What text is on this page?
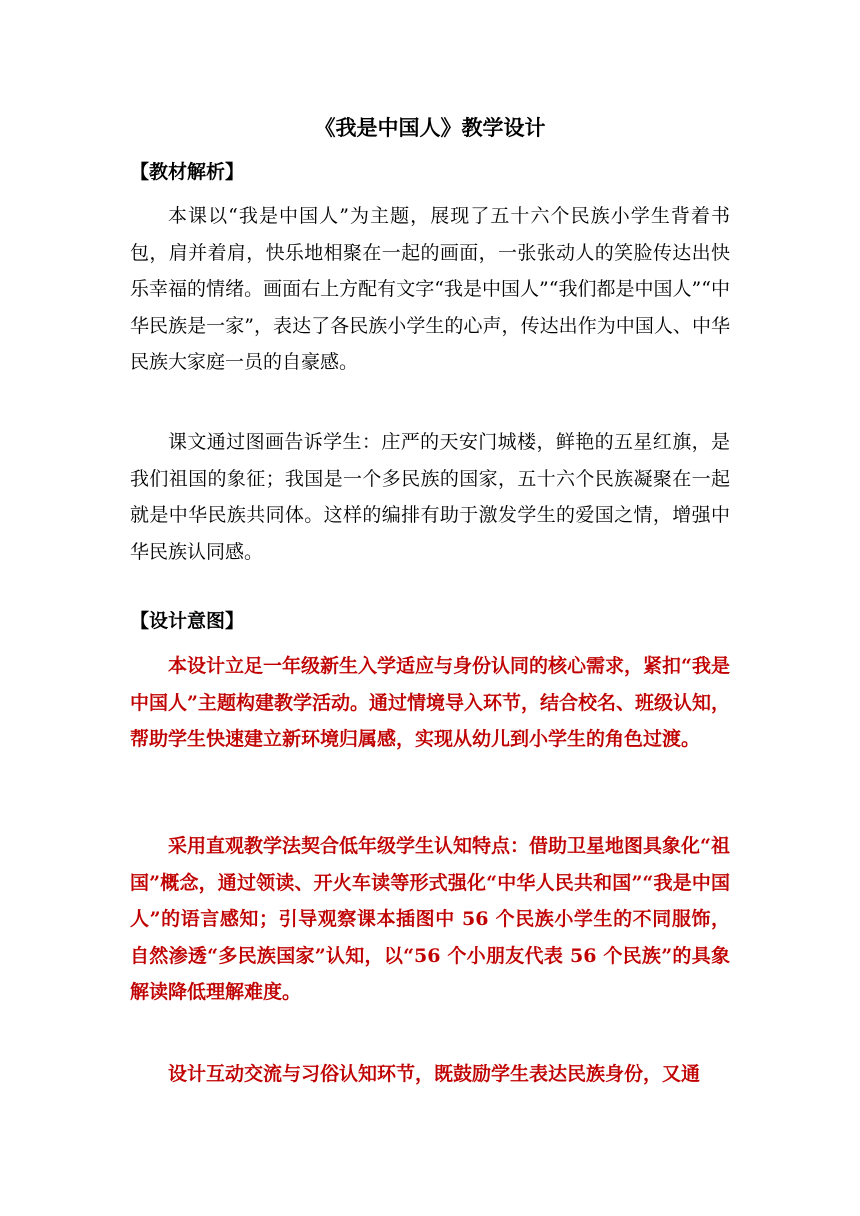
《我是中国人》教学设计
【教材解析】

本课以“我是中国人”为主题，展现了五十六个民族小学生背着书包，肩并着肩，快乐地相聚在一起的画面，一张张动人的笑脸传达出快乐幸福的情绪。画面右上方配有文字“我是中国人”“我们都是中国人”“中华民族是一家”，表达了各民族小学生的心声，传达出作为中国人、中华民族大家庭一员的自豪感。

课文通过图画告诉学生：庄严的天安门城楼，鲜艳的五星红旗，是我们祖国的象征；我国是一个多民族的国家，五十六个民族凝聚在一起就是中华民族共同体。这样的编排有助于激发学生的爱国之情，增强中华民族认同感。

【设计意图】

本设计立足一年级新生入学适应与身份认同的核心需求，紧扣“我是中国人”主题构建教学活动。通过情境导入环节，结合校名、班级认知，帮助学生快速建立新环境归属感，实现从幼儿到小学生的角色过渡。

采用直观教学法契合低年级学生认知特点：借助卫星地图具象化“祖国”概念，通过领读、开火车读等形式强化“中华人民共和国”“我是中国人”的语言感知；引导观察课本插图中 56 个民族小学生的不同服饰，自然渗透“多民族国家”认知，以“56 个小朋友代表 56 个民族”的具象解读降低理解难度。

设计互动交流与习俗认知环节，既鼓励学生表达民族身份，又通
